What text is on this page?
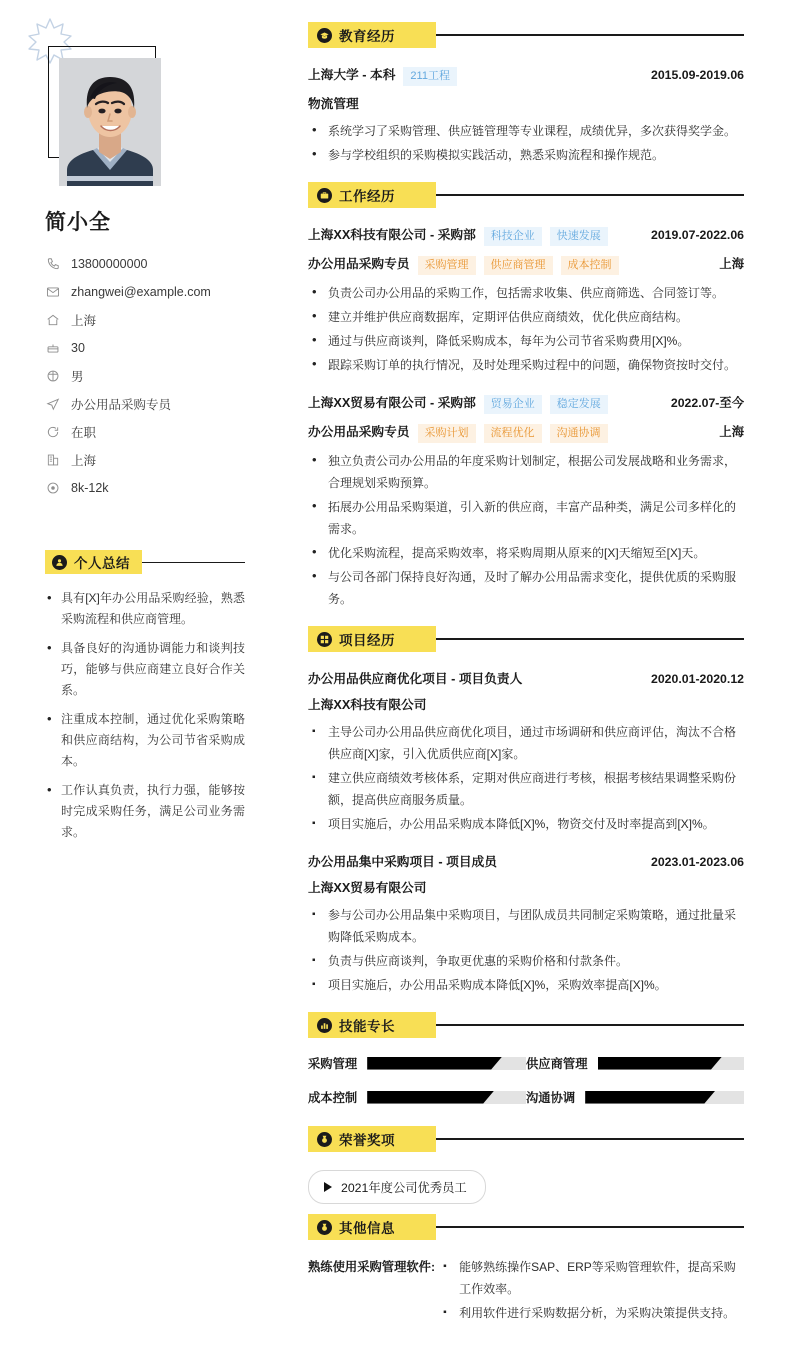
简小全
13800000000
zhangwei@example.com
上海
30
男
办公用品采购专员
在职
上海
8k-12k
个人总结
• 具有[X]年办公用品采购经验，熟悉采购流程和供应商管理。
• 具备良好的沟通协调能力和谈判技巧，能够与供应商建立良好合作关系。
• 注重成本控制，通过优化采购策略和供应商结构，为公司节省采购成本。
• 工作认真负责，执行力强，能够按时完成采购任务，满足公司业务需求。
教育经历
上海大学 - 本科	211工程	2015.09-2019.06
物流管理
• 系统学习了采购管理、供应链管理等专业课程，成绩优异，多次获得奖学金。
• 参与学校组织的采购模拟实践活动，熟悉采购流程和操作规范。
工作经历
上海XX科技有限公司 - 采购部	科技企业	快速发展	2019.07-2022.06
办公用品采购专员	采购管理	供应商管理	成本控制	上海
• 负责公司办公用品的采购工作，包括需求收集、供应商筛选、合同签订等。
• 建立并维护供应商数据库，定期评估供应商绩效，优化供应商结构。
• 通过与供应商谈判，降低采购成本，每年为公司节省采购费用[X]%。
• 跟踪采购订单的执行情况，及时处理采购过程中的问题，确保物资按时交付。
上海XX贸易有限公司 - 采购部	贸易企业	稳定发展	2022.07-至今
办公用品采购专员	采购计划	流程优化	沟通协调	上海
• 独立负责公司办公用品的年度采购计划制定，根据公司发展战略和业务需求，合理规划采购预算。
• 拓展办公用品采购渠道，引入新的供应商，丰富产品种类，满足公司多样化的需求。
• 优化采购流程，提高采购效率，将采购周期从原来的[X]天缩短至[X]天。
• 与公司各部门保持良好沟通，及时了解办公用品需求变化，提供优质的采购服务。
项目经历
办公用品供应商优化项目 - 项目负责人	2020.01-2020.12
上海XX科技有限公司
▪ 主导公司办公用品供应商优化项目，通过市场调研和供应商评估，淘汰不合格供应商[X]家，引入优质供应商[X]家。
▪ 建立供应商绩效考核体系，定期对供应商进行考核，根据考核结果调整采购份额，提高供应商服务质量。
▪ 项目实施后，办公用品采购成本降低[X]%，物资交付及时率提高到[X]%。
办公用品集中采购项目 - 项目成员	2023.01-2023.06
上海XX贸易有限公司
▪ 参与公司办公用品集中采购项目，与团队成员共同制定采购策略，通过批量采购降低采购成本。
▪ 负责与供应商谈判，争取更优惠的采购价格和付款条件。
▪ 项目实施后，办公用品采购成本降低[X]%，采购效率提高[X]%。
技能专长
采购管理	供应商管理
成本控制	沟通协调
荣誉奖项
2021年度公司优秀员工
其他信息
熟练使用采购管理软件:	▪ 能够熟练操作SAP、ERP等采购管理软件，提高采购工作效率。
▪ 利用软件进行采购数据分析，为采购决策提供支持。
